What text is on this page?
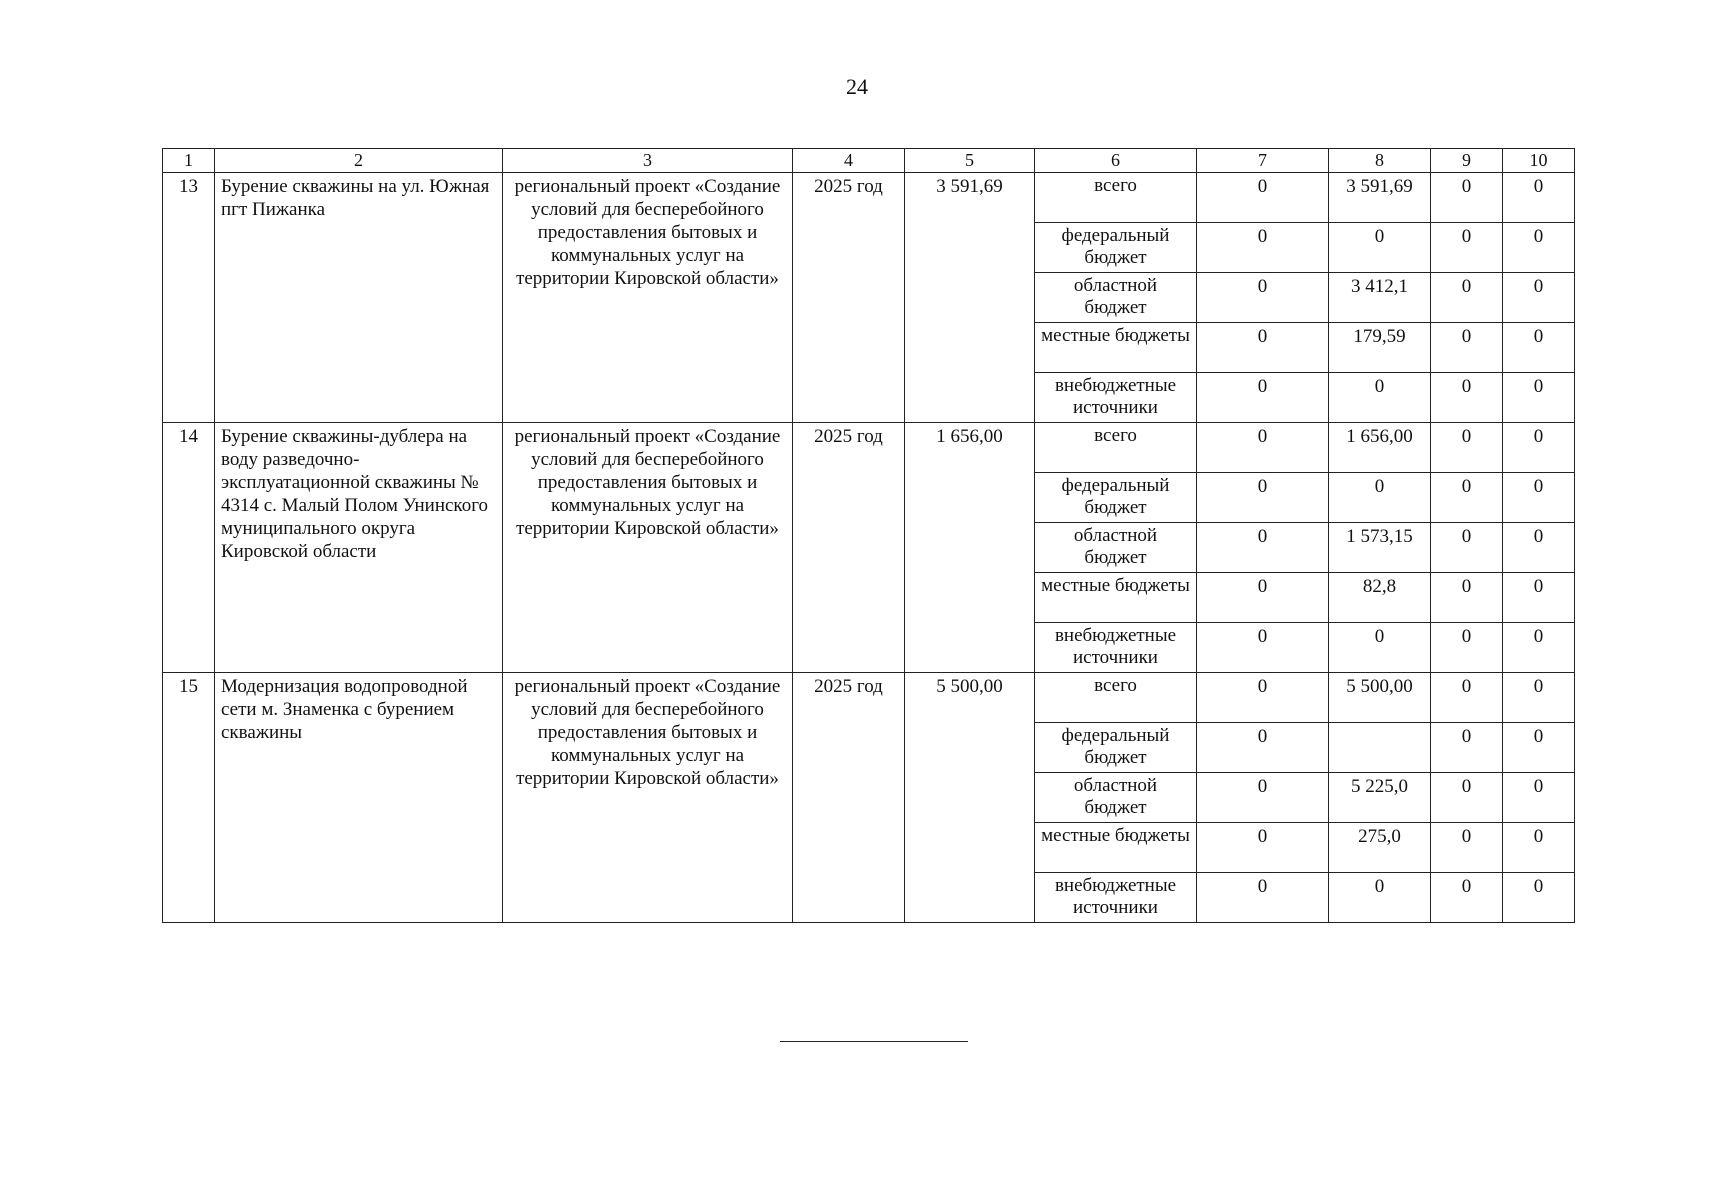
24
1	2	3	4	5	6	7	8	9	10
13	Бурение скважины на ул. Южная пгт Пижанка	региональный проект «Создание условий для бесперебойного предоставления бытовых и коммунальных услуг на территории Кировской области»	2025 год	3 591,69	всего	0	3 591,69	0	0
					федеральный бюджет	0	0	0	0
					областной бюджет	0	3 412,1	0	0
					местные бюджеты	0	179,59	0	0
					внебюджетные источники	0	0	0	0
14	Бурение скважины-дублера на воду разведочно-эксплуатационной скважины № 4314 с. Малый Полом Унинского муниципального округа Кировской области	региональный проект «Создание условий для бесперебойного предоставления бытовых и коммунальных услуг на территории Кировской области»	2025 год	1 656,00	всего	0	1 656,00	0	0
					федеральный бюджет	0	0	0	0
					областной бюджет	0	1 573,15	0	0
					местные бюджеты	0	82,8	0	0
					внебюджетные источники	0	0	0	0
15	Модернизация водопроводной сети м. Знаменка с бурением скважины	региональный проект «Создание условий для бесперебойного предоставления бытовых и коммунальных услуг на территории Кировской области»	2025 год	5 500,00	всего	0	5 500,00	0	0
					федеральный бюджет	0		0	0
					областной бюджет	0	5 225,0	0	0
					местные бюджеты	0	275,0	0	0
					внебюджетные источники	0	0	0	0
